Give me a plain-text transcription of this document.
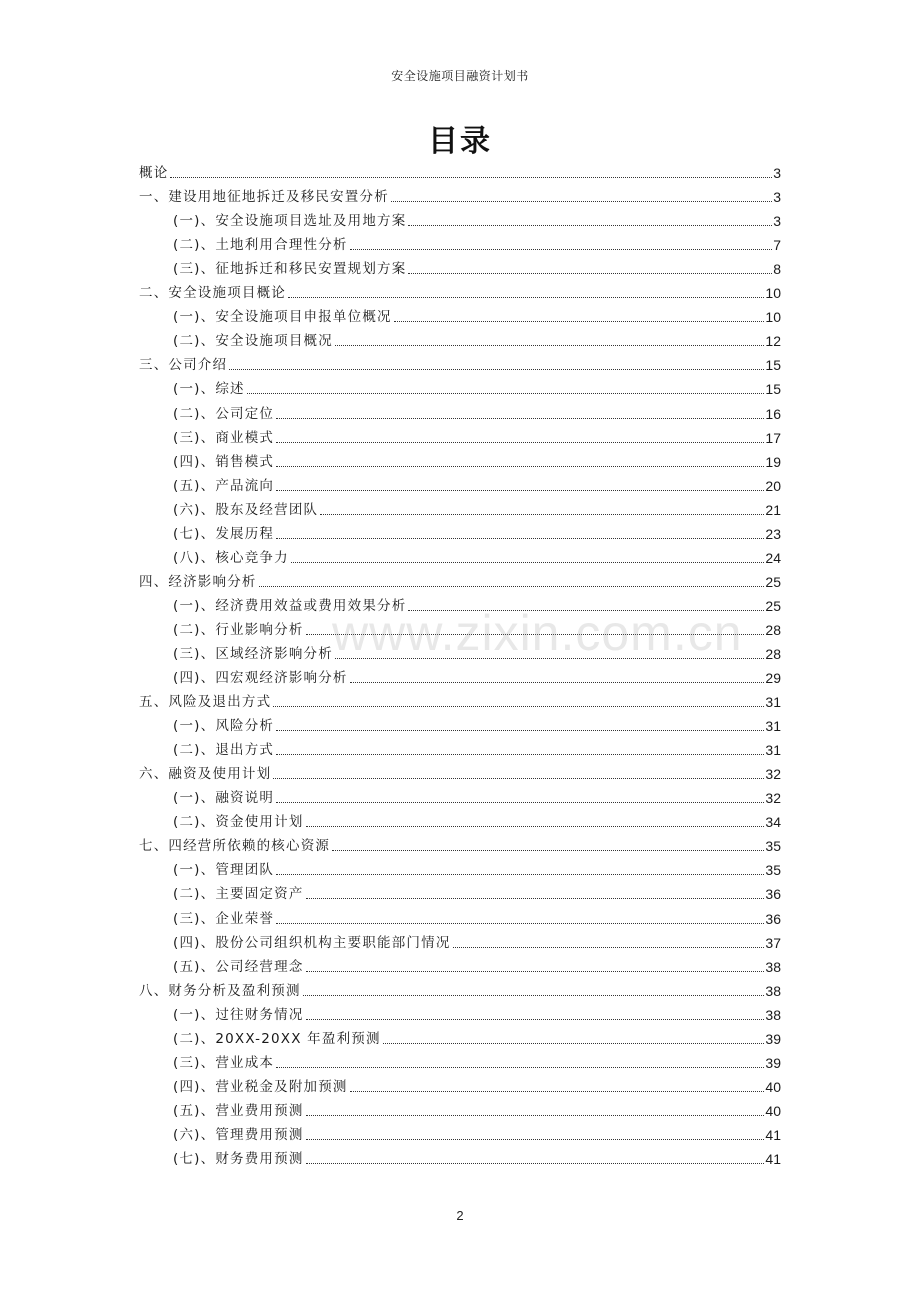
安全设施项目融资计划书
目录
概论	3
一、建设用地征地拆迁及移民安置分析	3
(一)、安全设施项目选址及用地方案	3
(二)、土地利用合理性分析	7
(三)、征地拆迁和移民安置规划方案	8
二、安全设施项目概论	10
(一)、安全设施项目申报单位概况	10
(二)、安全设施项目概况	12
三、公司介绍	15
(一)、综述	15
(二)、公司定位	16
(三)、商业模式	17
(四)、销售模式	19
(五)、产品流向	20
(六)、股东及经营团队	21
(七)、发展历程	23
(八)、核心竞争力	24
四、经济影响分析	25
(一)、经济费用效益或费用效果分析	25
(二)、行业影响分析	28
(三)、区域经济影响分析	28
(四)、四宏观经济影响分析	29
五、风险及退出方式	31
(一)、风险分析	31
(二)、退出方式	31
六、融资及使用计划	32
(一)、融资说明	32
(二)、资金使用计划	34
七、四经营所依赖的核心资源	35
(一)、管理团队	35
(二)、主要固定资产	36
(三)、企业荣誉	36
(四)、股份公司组织机构主要职能部门情况	37
(五)、公司经营理念	38
八、财务分析及盈利预测	38
(一)、过往财务情况	38
(二)、20XX-20XX 年盈利预测	39
(三)、营业成本	39
(四)、营业税金及附加预测	40
(五)、营业费用预测	40
(六)、管理费用预测	41
(七)、财务费用预测	41
www.zixin.com.cn
2
